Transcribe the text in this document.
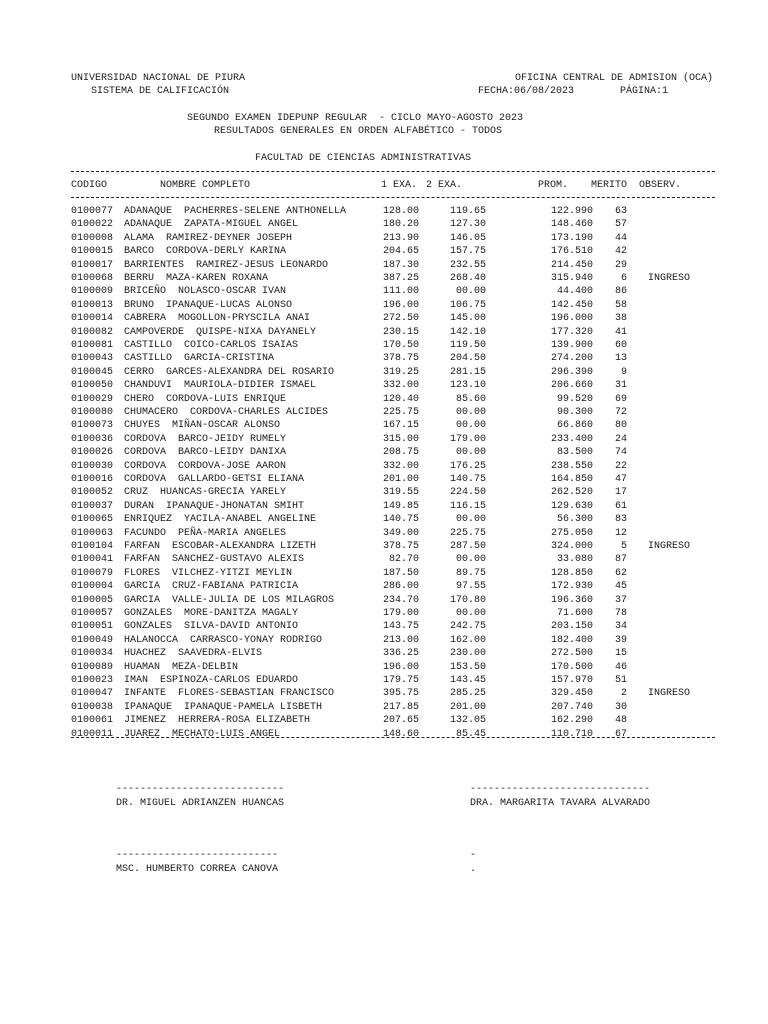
UNIVERSIDAD NACIONAL DE PIURA
SISTEMA DE CALIFICACIÓN
OFICINA CENTRAL DE ADMISION (OCA)
FECHA:06/08/2023	PÁGINA:1
SEGUNDO EXAMEN IDEPUNP REGULAR  - CICLO MAYO-AGOSTO 2023
RESULTADOS GENERALES EN ORDEN ALFABÉTICO - TODOS
FACULTAD DE CIENCIAS ADMINISTRATIVAS
CODIGO	NOMBRE COMPLETO	1 EXA. 2 EXA.	PROM. MERITO OBSERV.
0100077 ADANAQUE  PACHERRES-SELENE ANTHONELLA	128.00	119.65	122.990 63
0100022 ADANAQUE  ZAPATA-MIGUEL ANGEL	180.20	127.30	148.460 57
0100008 ALAMA  RAMIREZ-DEYNER JOSEPH	213.90	146.05	173.190 44
0100015 BARCO  CORDOVA-DERLY KARINA	204.65	157.75	176.510 42
0100017 BARRIENTES  RAMIREZ-JESUS LEONARDO	187.30	232.55	214.450 29
0100068 BERRU  MAZA-KAREN ROXANA	387.25	268.40	315.940	6 INGRESO
0100009 BRICEÑO  NOLASCO-OSCAR IVAN	111.00	00.00	44.400 86
0100013 BRUNO  IPANAQUE-LUCAS ALONSO	196.00	106.75	142.450 58
0100014 CABRERA  MOGOLLON-PRYSCILA ANAI	272.50	145.00	196.000 38
0100082 CAMPOVERDE  QUISPE-NIXA DAYANELY	230.15	142.10	177.320 41
0100081 CASTILLO  COICO-CARLOS ISAIAS	170.50	119.50	139.900 60
0100043 CASTILLO  GARCIA-CRISTINA	378.75	204.50	274.200 13
0100045 CERRO  GARCES-ALEXANDRA DEL ROSARIO	319.25	281.15	296.390	9
0100050 CHANDUVI  MAURIOLA-DIDIER ISMAEL	332.00	123.10	206.660 31
0100029 CHERO  CORDOVA-LUIS ENRIQUE	120.40	85.60	99.520 69
0100080 CHUMACERO  CORDOVA-CHARLES ALCIDES	225.75	00.00	90.300 72
0100073 CHUYES  MIÑAN-OSCAR ALONSO	167.15	00.00	66.860 80
0100036 CORDOVA  BARCO-JEIDY RUMELY	315.00	179.00	233.400 24
0100026 CORDOVA  BARCO-LEIDY DANIXA	208.75	00.00	83.500 74
0100030 CORDOVA  CORDOVA-JOSE AARON	332.00	176.25	238.550 22
0100016 CORDOVA  GALLARDO-GETSI ELIANA	201.00	140.75	164.850 47
0100052 CRUZ  HUANCAS-GRECIA YARELY	319.55	224.50	262.520 17
0100037 DURAN  IPANAQUE-JHONATAN SMIHT	149.85	116.15	129.630 61
0100065 ENRIQUEZ  YACILA-ANABEL ANGELINE	140.75	00.00	56.300 83
0100063 FACUNDO  PEÑA-MARIA ANGELES	349.00	225.75	275.050 12
0100104 FARFAN  ESCOBAR-ALEXANDRA LIZETH	378.75	287.50	324.000	5 INGRESO
0100041 FARFAN  SANCHEZ-GUSTAVO ALEXIS	82.70	00.00	33.080 87
0100079 FLORES  VILCHEZ-YITZI MEYLIN	187.50	89.75	128.850 62
0100004 GARCIA  CRUZ-FABIANA PATRICIA	286.00	97.55	172.930 45
0100005 GARCIA  VALLE-JULIA DE LOS MILAGROS	234.70	170.80	196.360 37
0100057 GONZALES  MORE-DANITZA MAGALY	179.00	00.00	71.600 78
0100051 GONZALES  SILVA-DAVID ANTONIO	143.75	242.75	203.150 34
0100049 HALANOCCA  CARRASCO-YONAY RODRIGO	213.00	162.00	182.400 39
0100034 HUACHEZ  SAAVEDRA-ELVIS	336.25	230.00	272.500 15
0100089 HUAMAN  MEZA-DELBIN	196.00	153.50	170.500 46
0100023 IMAN  ESPINOZA-CARLOS EDUARDO	179.75	143.45	157.970 51
0100047 INFANTE  FLORES-SEBASTIAN FRANCISCO	395.75	285.25	329.450	2 INGRESO
0100038 IPANAQUE  IPANAQUE-PAMELA LISBETH	217.85	201.00	207.740 30
0100061 JIMENEZ  HERRERA-ROSA ELIZABETH	207.65	132.05	162.290 48
0100011 JUAREZ  MECHATO-LUIS ANGEL	148.60	85.45	110.710 67
----------------------------
DR. MIGUEL ADRIANZEN HUANCAS
------------------------------
DRA. MARGARITA TAVARA ALVARADO
---------------------------
MSC. HUMBERTO CORREA CANOVA
-
.
